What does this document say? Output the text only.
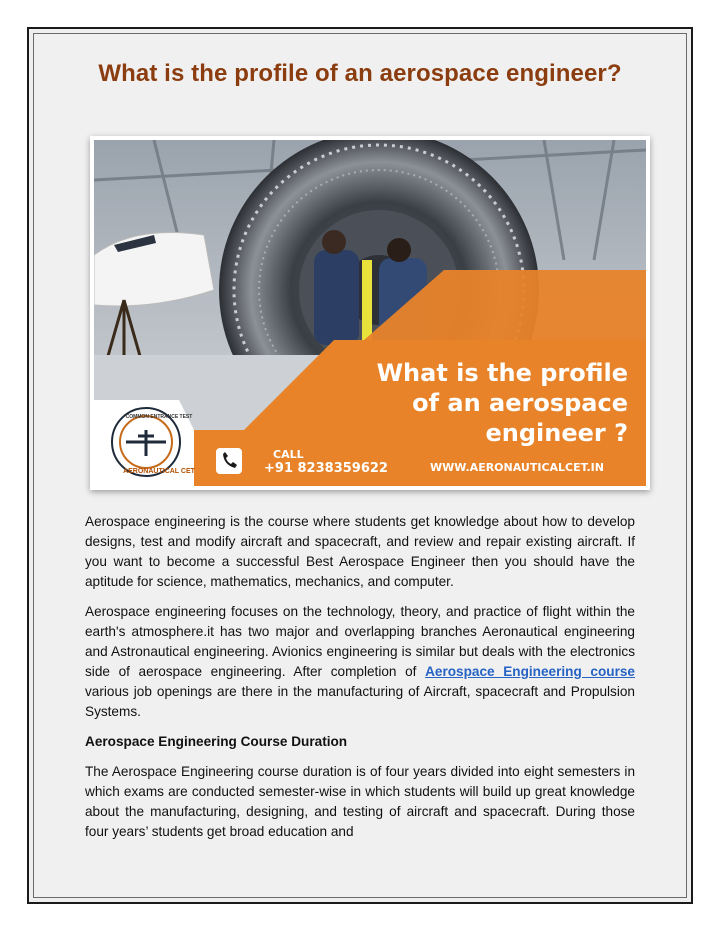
What is the profile of an aerospace engineer?
What is the profile
of an aerospace
engineer ?
CALL
+91 8238359622	WWW.AERONAUTICALCET.IN
COMMON ENTRANCE TEST
AERONAUTICAL CET

Aerospace engineering is the course where students get knowledge about how to develop designs, test and modify aircraft and spacecraft, and review and repair existing aircraft. If you want to become a successful Best Aerospace Engineer then you should have the aptitude for science, mathematics, mechanics, and computer.

Aerospace engineering focuses on the technology, theory, and practice of flight within the earth's atmosphere.it has two major and overlapping branches Aeronautical engineering and Astronautical engineering. Avionics engineering is similar but deals with the electronics side of aerospace engineering. After completion of Aerospace Engineering course various job openings are there in the manufacturing of Aircraft, spacecraft and Propulsion Systems.

Aerospace Engineering Course Duration

The Aerospace Engineering course duration is of four years divided into eight semesters in which exams are conducted semester-wise in which students will build up great knowledge about the manufacturing, designing, and testing of aircraft and spacecraft. During those four years’ students get broad education and
